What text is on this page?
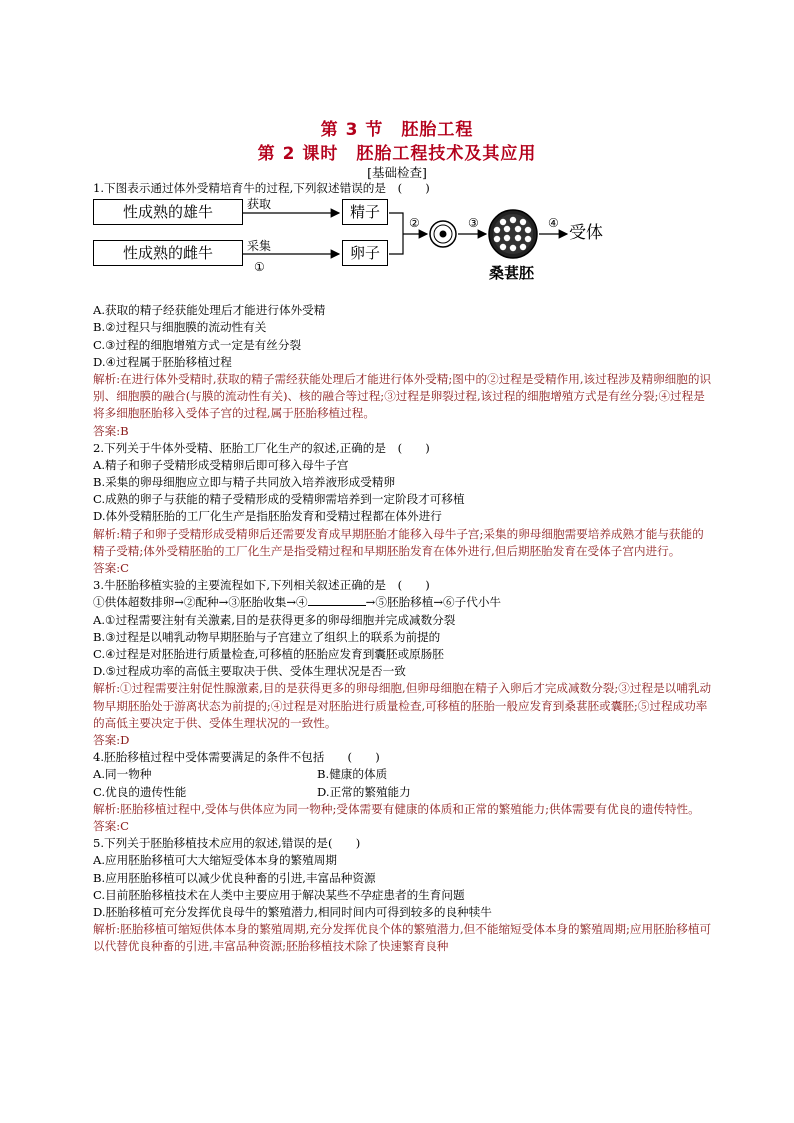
第 3 节　胚胎工程
第 2 课时　胚胎工程技术及其应用
[基础检查]
1.下图表示通过体外受精培育牛的过程,下列叙述错误的是　(　　)
性成熟的雄牛
性成熟的雌牛
获取
采集
①
精子
卵子
②	③	④ 受体
桑葚胚
A.获取的精子经获能处理后才能进行体外受精
B.②过程只与细胞膜的流动性有关
C.③过程的细胞增殖方式一定是有丝分裂
D.④过程属于胚胎移植过程
解析:在进行体外受精时,获取的精子需经获能处理后才能进行体外受精;图中的②过程是受精作用,该过程涉及精卵细胞的识别、细胞膜的融合(与膜的流动性有关)、核的融合等过程;③过程是卵裂过程,该过程的细胞增殖方式是有丝分裂;④过程是将多细胞胚胎移入受体子宫的过程,属于胚胎移植过程。
答案:B
2.下列关于牛体外受精、胚胎工厂化生产的叙述,正确的是　(　　)
A.精子和卵子受精形成受精卵后即可移入母牛子宫
B.采集的卵母细胞应立即与精子共同放入培养液形成受精卵
C.成熟的卵子与获能的精子受精形成的受精卵需培养到一定阶段才可移植
D.体外受精胚胎的工厂化生产是指胚胎发育和受精过程都在体外进行
解析:精子和卵子受精形成受精卵后还需要发育成早期胚胎才能移入母牛子宫;采集的卵母细胞需要培养成熟才能与获能的精子受精;体外受精胚胎的工厂化生产是指受精过程和早期胚胎发育在体外进行,但后期胚胎发育在受体子宫内进行。
答案:C
3.牛胚胎移植实验的主要流程如下,下列相关叙述正确的是　(　　)
①供体超数排卵→②配种→③胚胎收集→④	→⑤胚胎移植→⑥子代小牛
A.①过程需要注射有关激素,目的是获得更多的卵母细胞并完成减数分裂
B.③过程是以哺乳动物早期胚胎与子宫建立了组织上的联系为前提的
C.④过程是对胚胎进行质量检查,可移植的胚胎应发育到囊胚或原肠胚
D.⑤过程成功率的高低主要取决于供、受体生理状况是否一致
解析:①过程需要注射促性腺激素,目的是获得更多的卵母细胞,但卵母细胞在精子入卵后才完成减数分裂;③过程是以哺乳动物早期胚胎处于游离状态为前提的;④过程是对胚胎进行质量检查,可移植的胚胎一般应发育到桑葚胚或囊胚;⑤过程成功率的高低主要决定于供、受体生理状况的一致性。
答案:D
4.胚胎移植过程中受体需要满足的条件不包括　　(　　)
A.同一物种	B.健康的体质
C.优良的遗传性能	D.正常的繁殖能力
解析:胚胎移植过程中,受体与供体应为同一物种;受体需要有健康的体质和正常的繁殖能力;供体需要有优良的遗传特性。
答案:C
5.下列关于胚胎移植技术应用的叙述,错误的是(　　)
A.应用胚胎移植可大大缩短受体本身的繁殖周期
B.应用胚胎移植可以减少优良种畜的引进,丰富品种资源
C.目前胚胎移植技术在人类中主要应用于解决某些不孕症患者的生育问题
D.胚胎移植可充分发挥优良母牛的繁殖潜力,相同时间内可得到较多的良种犊牛
解析:胚胎移植可缩短供体本身的繁殖周期,充分发挥优良个体的繁殖潜力,但不能缩短受体本身的繁殖周期;应用胚胎移植可以代替优良种畜的引进,丰富品种资源;胚胎移植技术除了快速繁育良种
